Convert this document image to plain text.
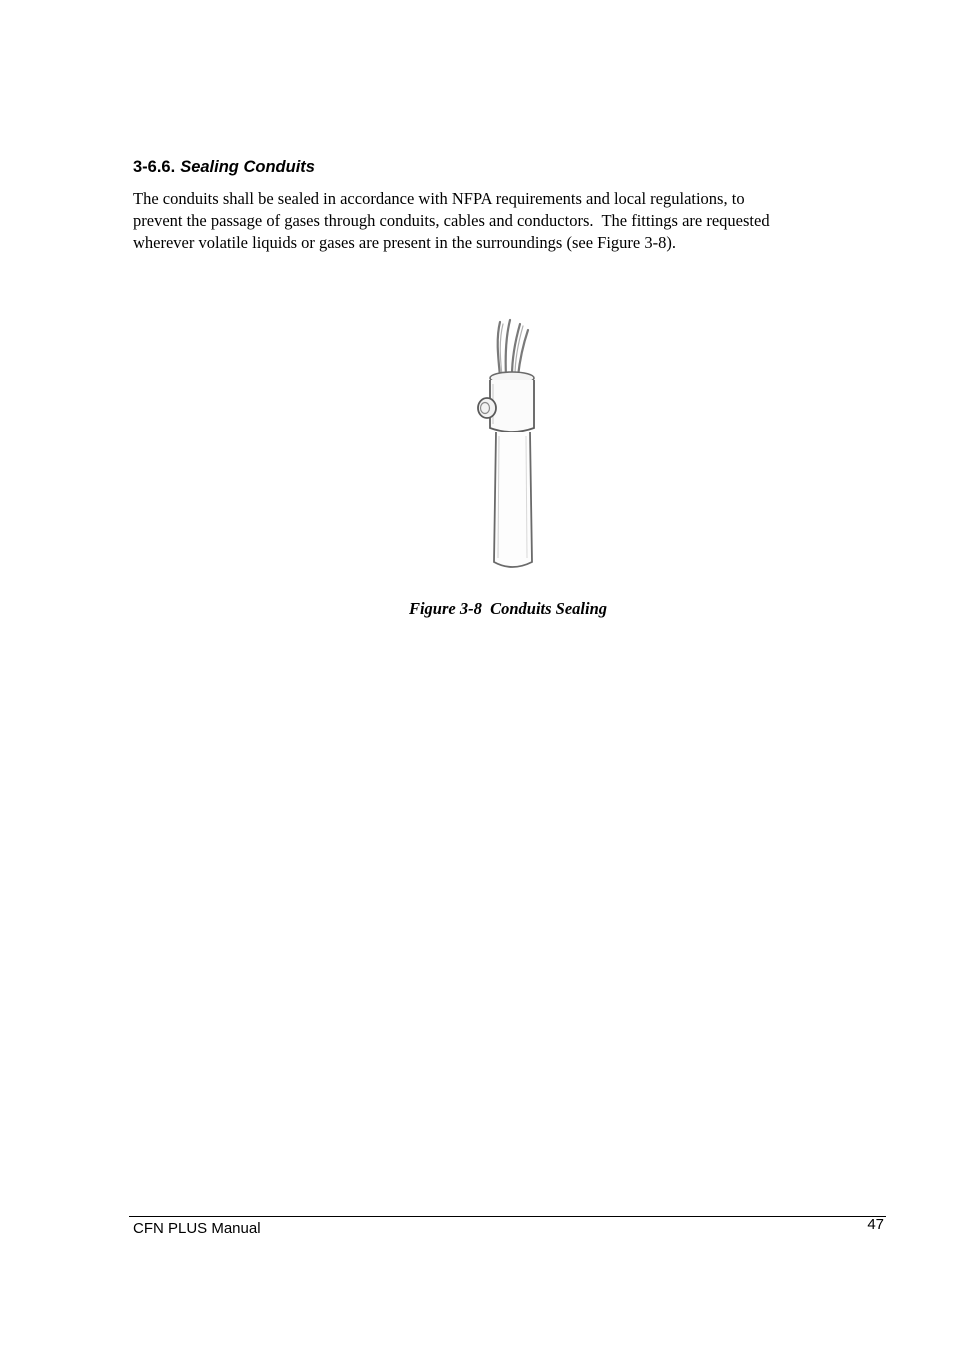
3-6.6. Sealing Conduits

The conduits shall be sealed in accordance with NFPA requirements and local regulations, to
prevent the passage of gases through conduits, cables and conductors.  The fittings are requested
wherever volatile liquids or gases are present in the surroundings (see Figure 3-8).

Figure 3-8  Conduits Sealing
CFN PLUS Manual	47
